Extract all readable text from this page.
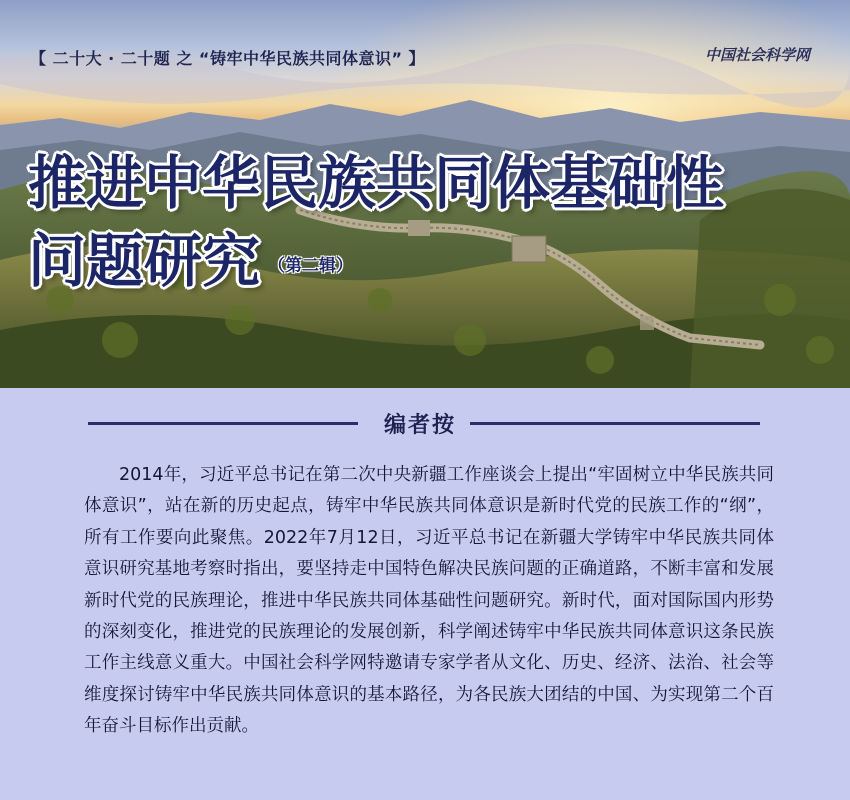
【 二十大 · 二十题 之 “铸牢中华民族共同体意识” 】	中国社会科学网
推进中华民族共同体基础性
问题研究 （第二辑）
编者按

2014年，习近平总书记在第二次中央新疆工作座谈会上提出“牢固树立中华民族共同体意识”，站在新的历史起点，铸牢中华民族共同体意识是新时代党的民族工作的“纲”，所有工作要向此聚焦。2022年7月12日，习近平总书记在新疆大学铸牢中华民族共同体意识研究基地考察时指出，要坚持走中国特色解决民族问题的正确道路，不断丰富和发展新时代党的民族理论，推进中华民族共同体基础性问题研究。新时代，面对国际国内形势的深刻变化，推进党的民族理论的发展创新，科学阐述铸牢中华民族共同体意识这条民族工作主线意义重大。中国社会科学网特邀请专家学者从文化、历史、经济、法治、社会等维度探讨铸牢中华民族共同体意识的基本路径，为各民族大团结的中国、为实现第二个百年奋斗目标作出贡献。
